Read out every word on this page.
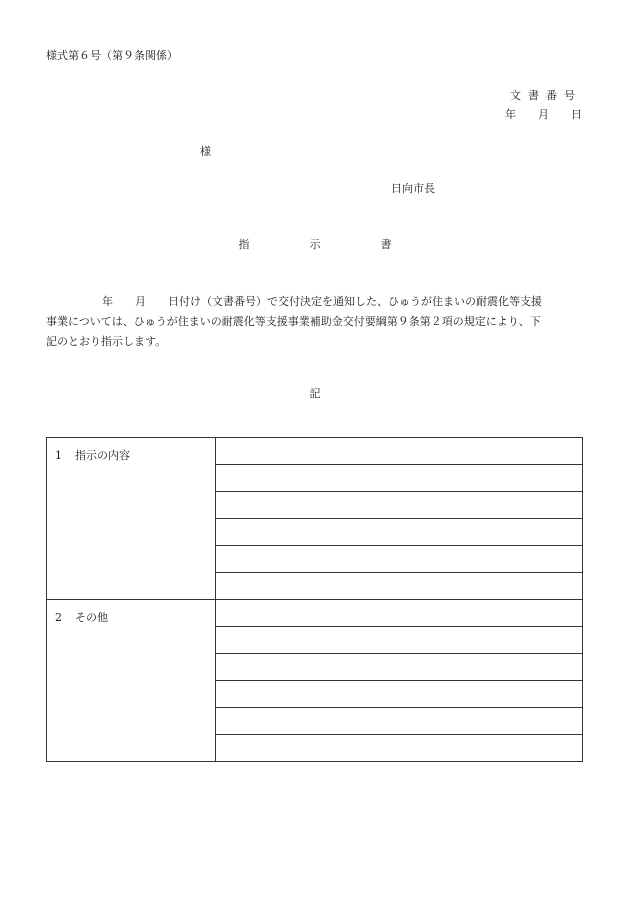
様式第６号（第９条関係）
文書番号
年 月 日
様
日向市長
指	示	書
年 月 日付け（文書番号）で交付決定を通知した、ひゅうが住まいの耐震化等支援
事業については、ひゅうが住まいの耐震化等支援事業補助金交付要綱第９条第２項の規定により、下
記のとおり指示します。
記
1 指示の内容	

2 その他	
